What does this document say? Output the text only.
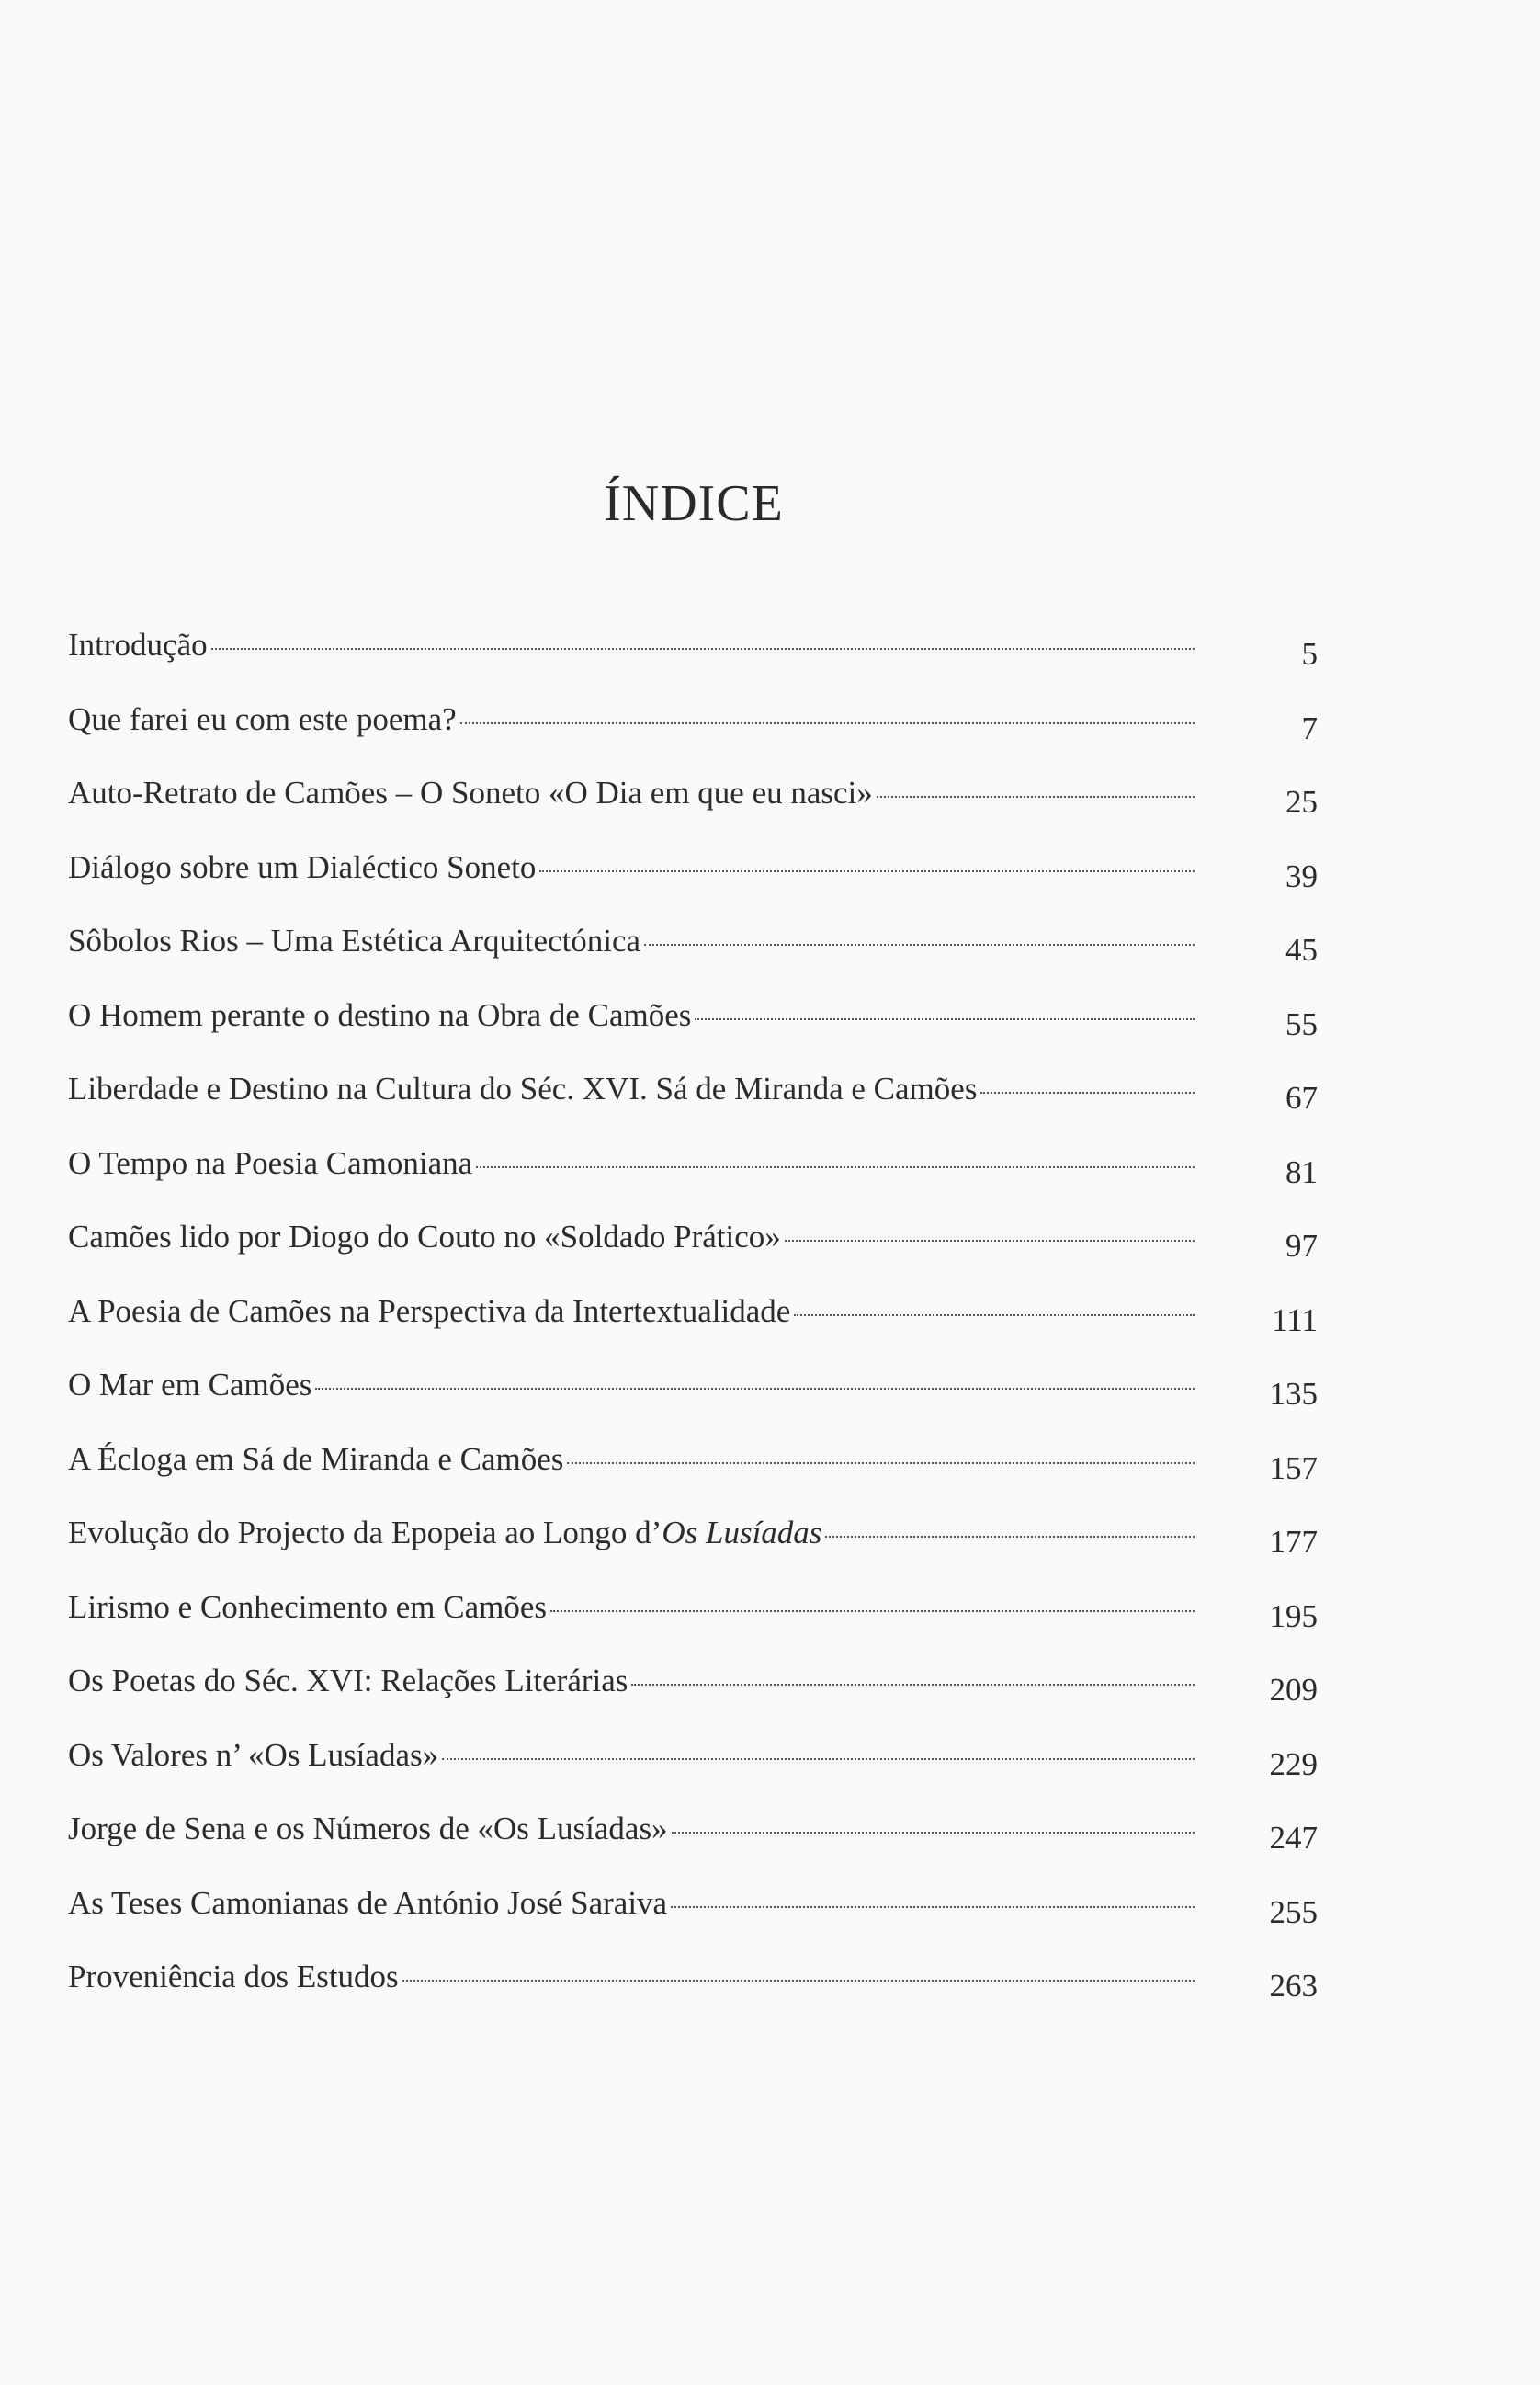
ÍNDICE
Introdução	5
Que farei eu com este poema?	7
Auto-Retrato de Camões – O Soneto «O Dia em que eu nasci»	25
Diálogo sobre um Dialéctico Soneto	39
Sôbolos Rios – Uma Estética Arquitectónica	45
O Homem perante o destino na Obra de Camões	55
Liberdade e Destino na Cultura do Séc. XVI. Sá de Miranda e Camões	67
O Tempo na Poesia Camoniana	81
Camões lido por Diogo do Couto no «Soldado Prático»	97
A Poesia de Camões na Perspectiva da Intertextualidade	111
O Mar em Camões	135
A Écloga em Sá de Miranda e Camões	157
Evolução do Projecto da Epopeia ao Longo d’Os Lusíadas	177
Lirismo e Conhecimento em Camões	195
Os Poetas do Séc. XVI: Relações Literárias	209
Os Valores n’ «Os Lusíadas»	229
Jorge de Sena e os Números de «Os Lusíadas»	247
As Teses Camonianas de António José Saraiva	255
Proveniência dos Estudos	263
